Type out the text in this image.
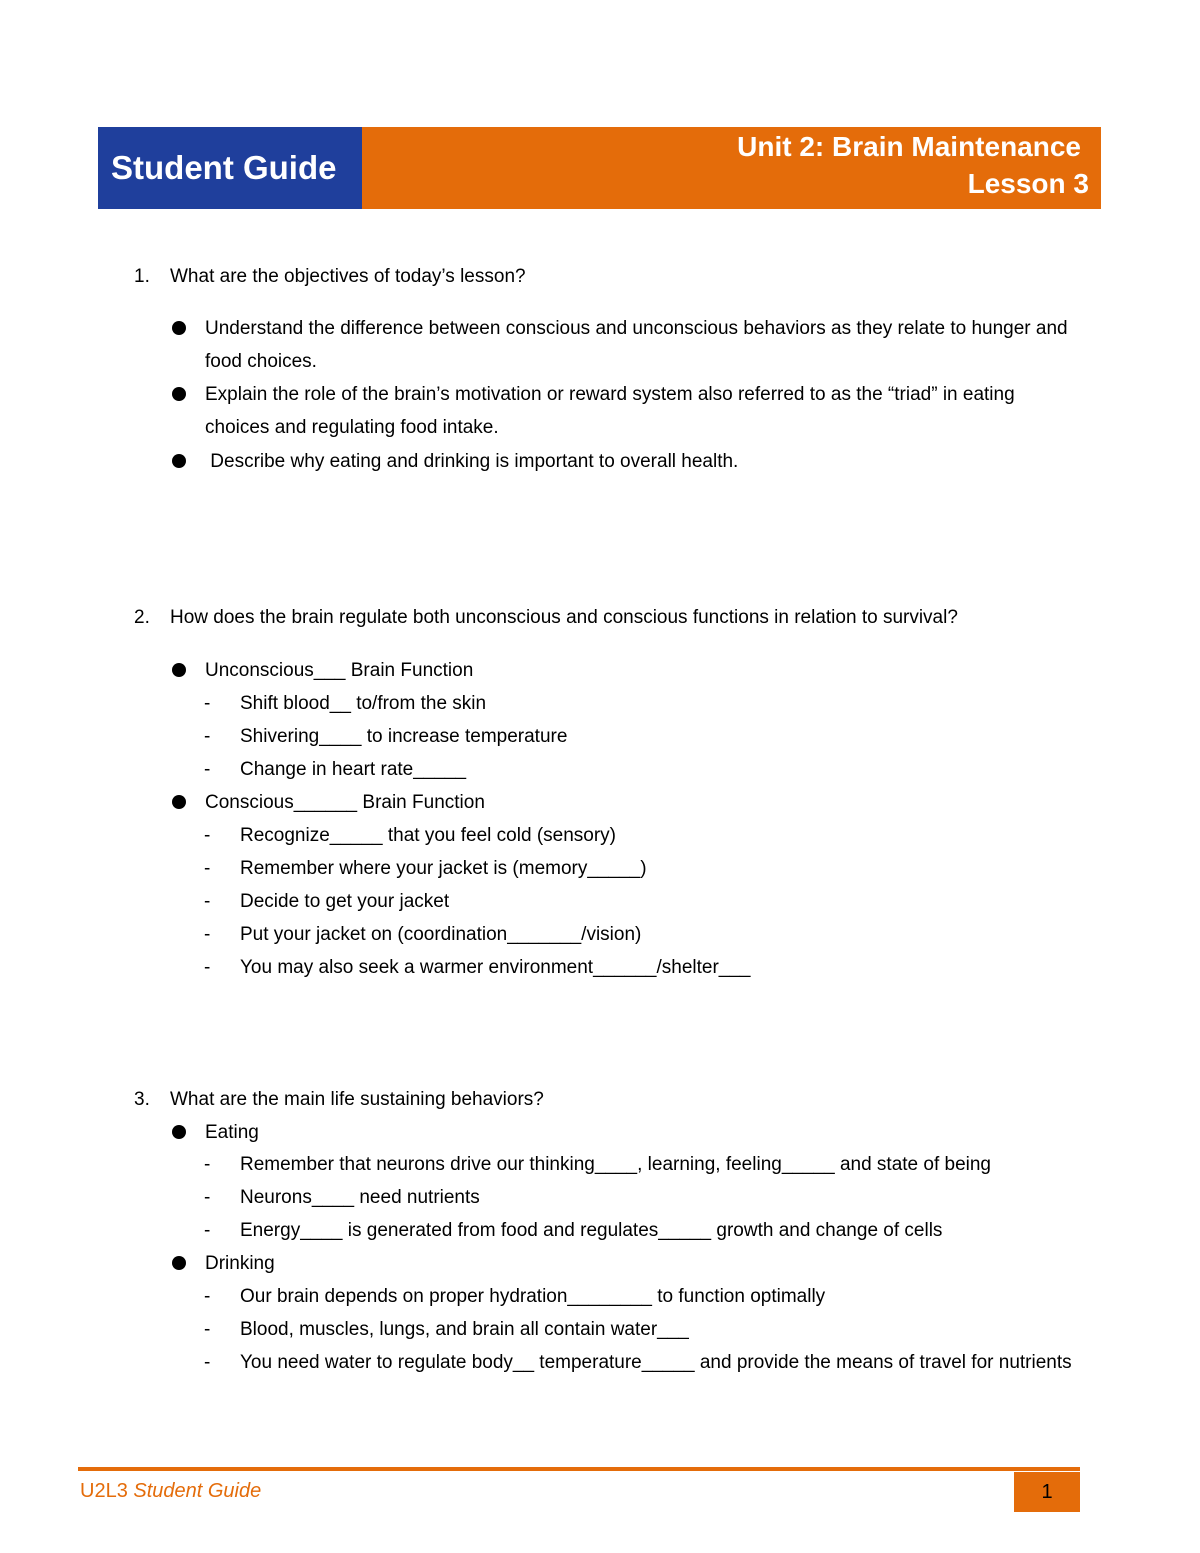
Student Guide
Unit 2: Brain Maintenance
Lesson 3
1.	What are the objectives of today’s lesson?
Understand the difference between conscious and unconscious behaviors as they relate to hunger and food choices.
Explain the role of the brain’s motivation or reward system also referred to as the “triad” in eating choices and regulating food intake.
Describe why eating and drinking is important to overall health.
2.	How does the brain regulate both unconscious and conscious functions in relation to survival?
Unconscious___ Brain Function
-	Shift blood__ to/from the skin
-	Shivering____ to increase temperature
-	Change in heart rate_____
Conscious______ Brain Function
-	Recognize_____ that you feel cold (sensory)
-	Remember where your jacket is (memory_____)
-	Decide to get your jacket
-	Put your jacket on (coordination_______/vision)
-	You may also seek a warmer environment______/shelter___
3.	What are the main life sustaining behaviors?
Eating
-	Remember that neurons drive our thinking____, learning, feeling_____ and state of being
-	Neurons____ need nutrients
-	Energy____ is generated from food and regulates_____ growth and change of cells
Drinking
-	Our brain depends on proper hydration________ to function optimally
-	Blood, muscles, lungs, and brain all contain water___
-	You need water to regulate body__ temperature_____ and provide the means of travel for nutrients
U2L3 Student Guide	1
